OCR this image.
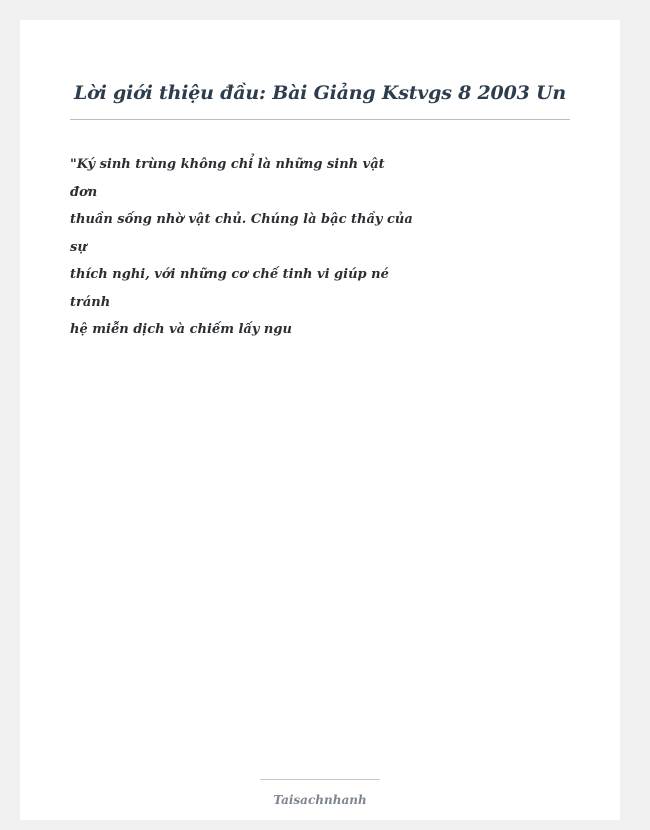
Lời giới thiệu đầu: Bài Giảng Kstvgs 8 2003 Un

"Ký sinh trùng không chỉ là những sinh vật
đơn
thuần sống nhờ vật chủ. Chúng là bậc thầy của
sự
thích nghi, với những cơ chế tinh vi giúp né
tránh
hệ miễn dịch và chiếm lấy ngu

Taisachnhanh
